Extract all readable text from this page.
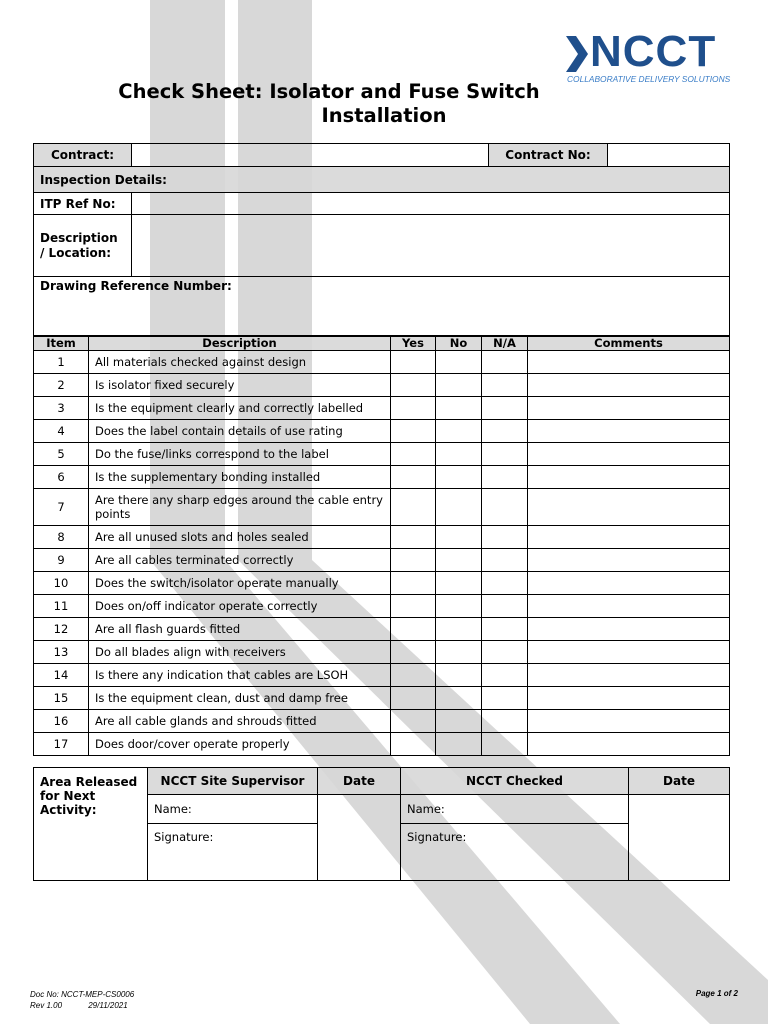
NCCT
COLLABORATIVE DELIVERY SOLUTIONS
Check Sheet: Isolator and Fuse Switch
Installation
Contract:		Contract No:	
Inspection Details:			
ITP Ref No:			
Description / Location:			
Drawing Reference Number:			
Item	Description	Yes	No	N/A	Comments
1	All materials checked against design				
2	Is isolator fixed securely				
3	Is the equipment clearly and correctly labelled				
4	Does the label contain details of use rating				
5	Do the fuse/links correspond to the label				
6	Is the supplementary bonding installed				
7	Are there any sharp edges around the cable entry points				
8	Are all unused slots and holes sealed				
9	Are all cables terminated correctly				
10	Does the switch/isolator operate manually				
11	Does on/off indicator operate correctly				
12	Are all flash guards fitted				
13	Do all blades align with receivers				
14	Is there any indication that cables are LSOH				
15	Is the equipment clean, dust and damp free				
16	Are all cable glands and shrouds fitted				
17	Does door/cover operate properly				
Area Released for Next Activity:	NCCT Site Supervisor	Date	NCCT Checked	Date
	Name:		Name:	
	Signature:		Signature:	
Doc No: NCCT-MEP-CS0006
Rev 1.00	29/11/2021
Page 1 of 2
